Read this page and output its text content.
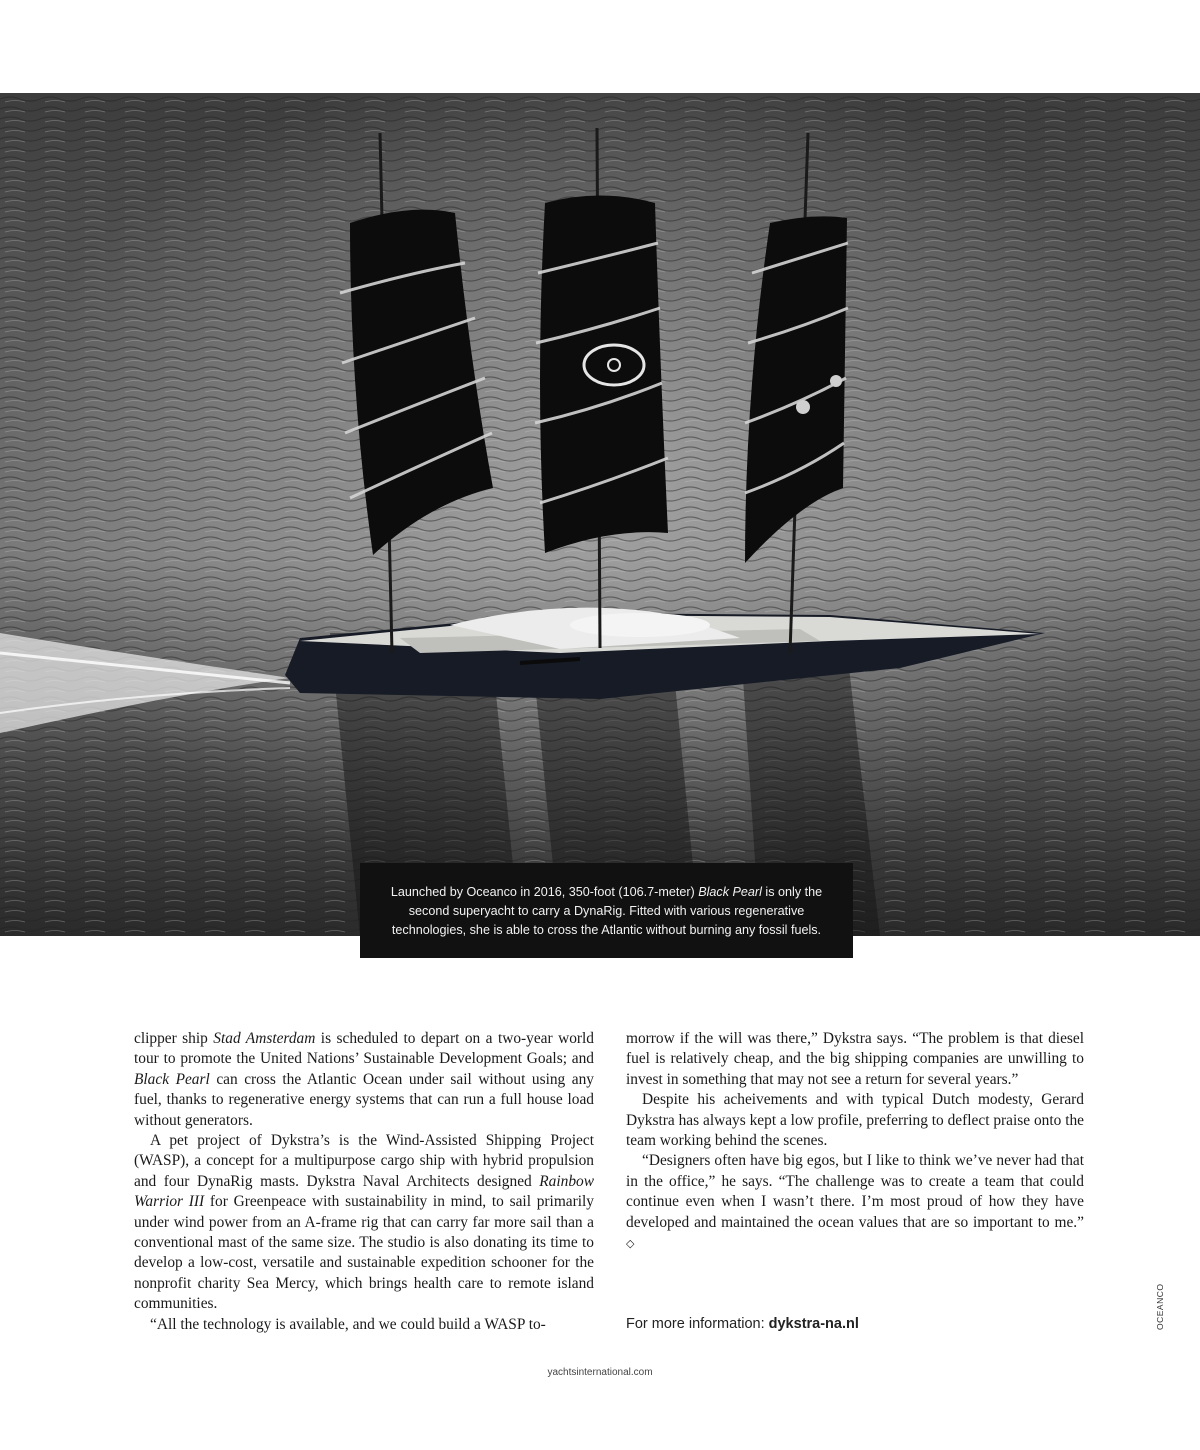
Launched by Oceanco in 2016, 350-foot (106.7-meter) Black Pearl is only the second superyacht to carry a DynaRig. Fitted with various regenerative technologies, she is able to cross the Atlantic without burning any fossil fuels.

clipper ship Stad Amsterdam is scheduled to depart on a two-year world tour to promote the United Nations’ Sustainable Development Goals; and Black Pearl can cross the Atlantic Ocean under sail without using any fuel, thanks to regenerative energy systems that can run a full house load without generators.

A pet project of Dykstra’s is the Wind-Assisted Shipping Project (WASP), a concept for a multipurpose cargo ship with hybrid propulsion and four DynaRig masts. Dykstra Naval Architects designed Rainbow Warrior III for Greenpeace with sustainability in mind, to sail primarily under wind power from an A-frame rig that can carry far more sail than a conventional mast of the same size. The studio is also donating its time to develop a low-cost, versatile and sustainable expedition schooner for the nonprofit charity Sea Mercy, which brings health care to remote island communities.

“All the technology is available, and we could build a WASP to-

morrow if the will was there,” Dykstra says. “The problem is that diesel fuel is relatively cheap, and the big shipping companies are unwilling to invest in something that may not see a return for several years.”

Despite his acheivements and with typical Dutch modesty, Gerard Dykstra has always kept a low profile, preferring to deflect praise onto the team working behind the scenes.

“Designers often have big egos, but I like to think we’ve never had that in the office,” he says. “The challenge was to create a team that could continue even when I wasn’t there. I’m most proud of how they have developed and maintained the ocean values that are so important to me.” ◇

For more information: dykstra-na.nl	OCEANCO
yachtsinternational.com
